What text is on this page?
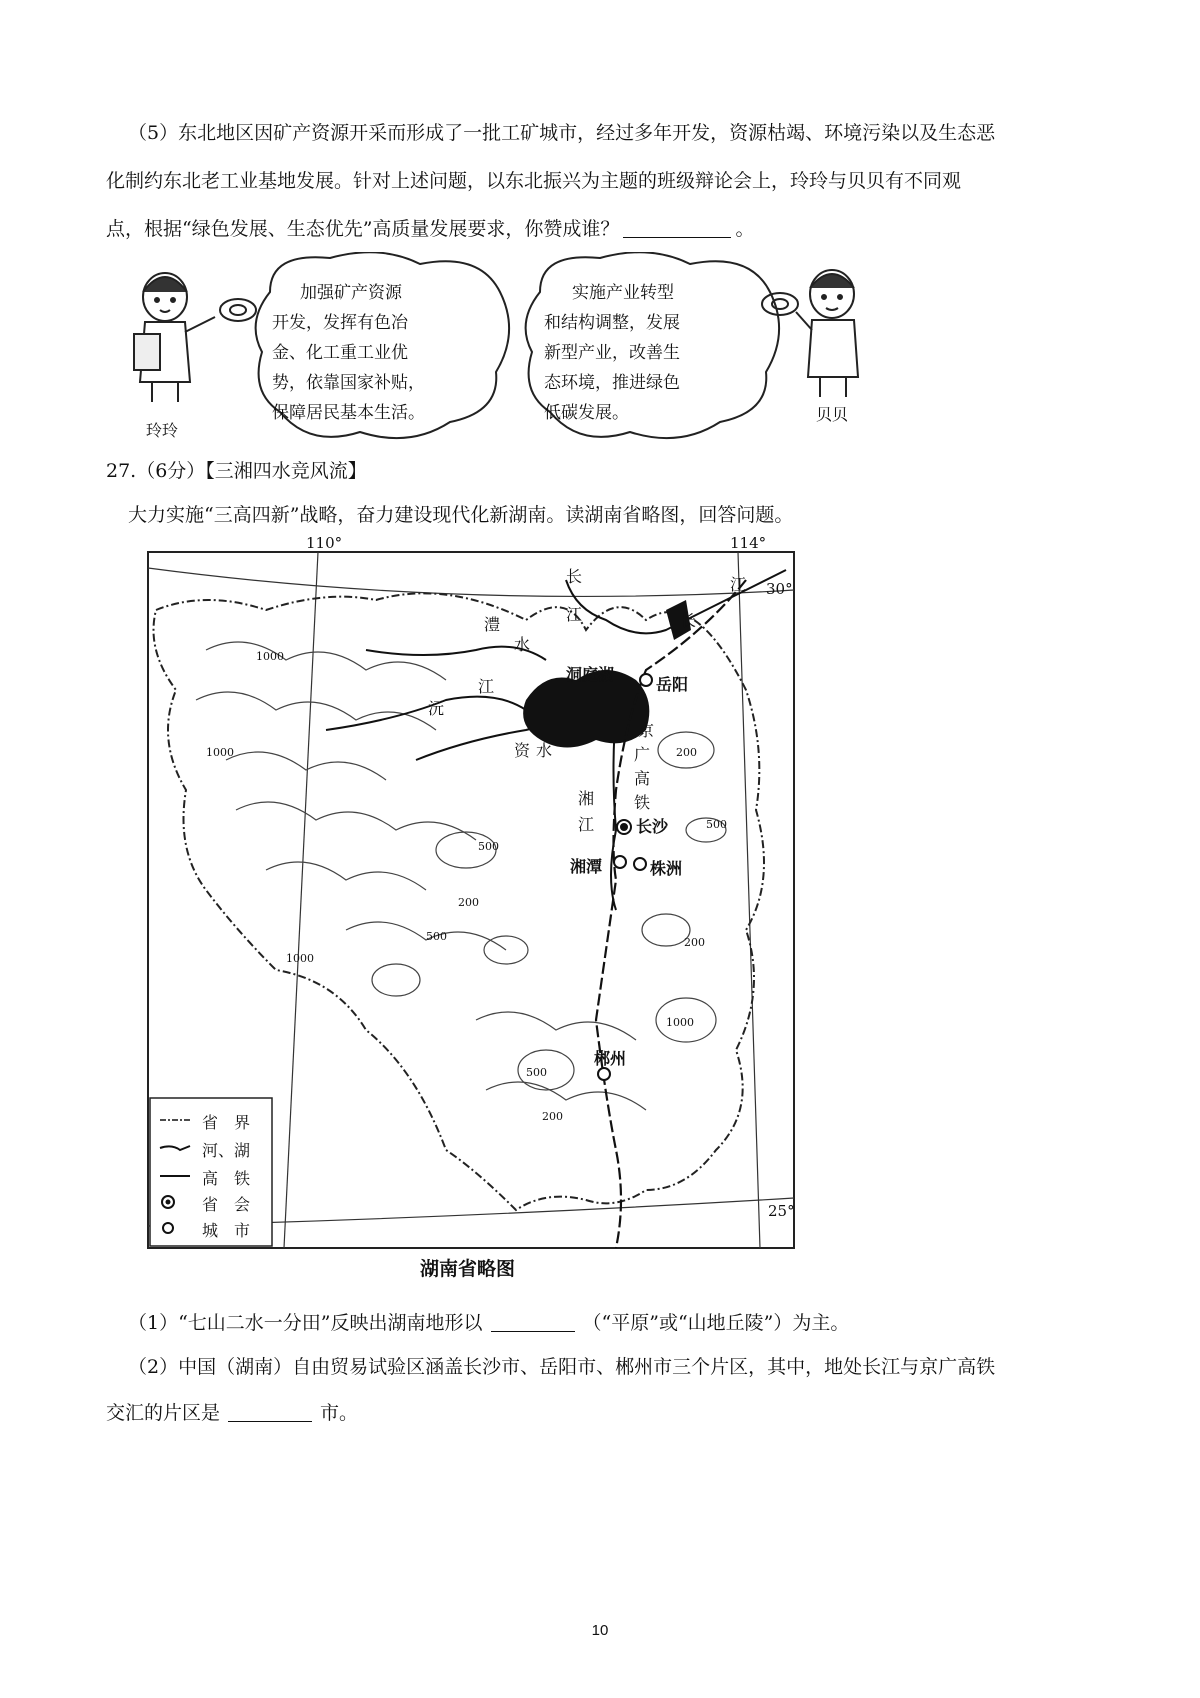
（5）东北地区因矿产资源开采而形成了一批工矿城市，经过多年开发，资源枯竭、环境污染以及生态恶
化制约东北老工业基地发展。针对上述问题，以东北振兴为主题的班级辩论会上，玲玲与贝贝有不同观
点，根据“绿色发展、生态优先”高质量发展要求，你赞成谁？	。
加强矿产资源
开发，发挥有色冶
金、化工重工业优
势，依靠国家补贴，
保障居民基本生活。
实施产业转型
和结构调整，发展
新型产业，改善生
态环境，推进绿色
低碳发展。
玲玲
贝贝
27.（6分）【三湘四水竞风流】
大力实施“三高四新”战略，奋力建设现代化新湖南。读湖南省略图，回答问题。
110°	114°
30°
25°
长
江	长
江
澧
水
江
沅
资 水
湘
江
京
广
高
铁
洞庭湖
岳阳
长沙
湘潭	株洲
郴州
1000
500
200
500
200
1000
200
500
1000
200
500
1000
省　界
河、湖
高　铁
省　会
城　市
湖南省略图
（1）“七山二水一分田”反映出湖南地形以	（“平原”或“山地丘陵”）为主。
（2）中国（湖南）自由贸易试验区涵盖长沙市、岳阳市、郴州市三个片区，其中，地处长江与京广高铁
交汇的片区是	市。
10
